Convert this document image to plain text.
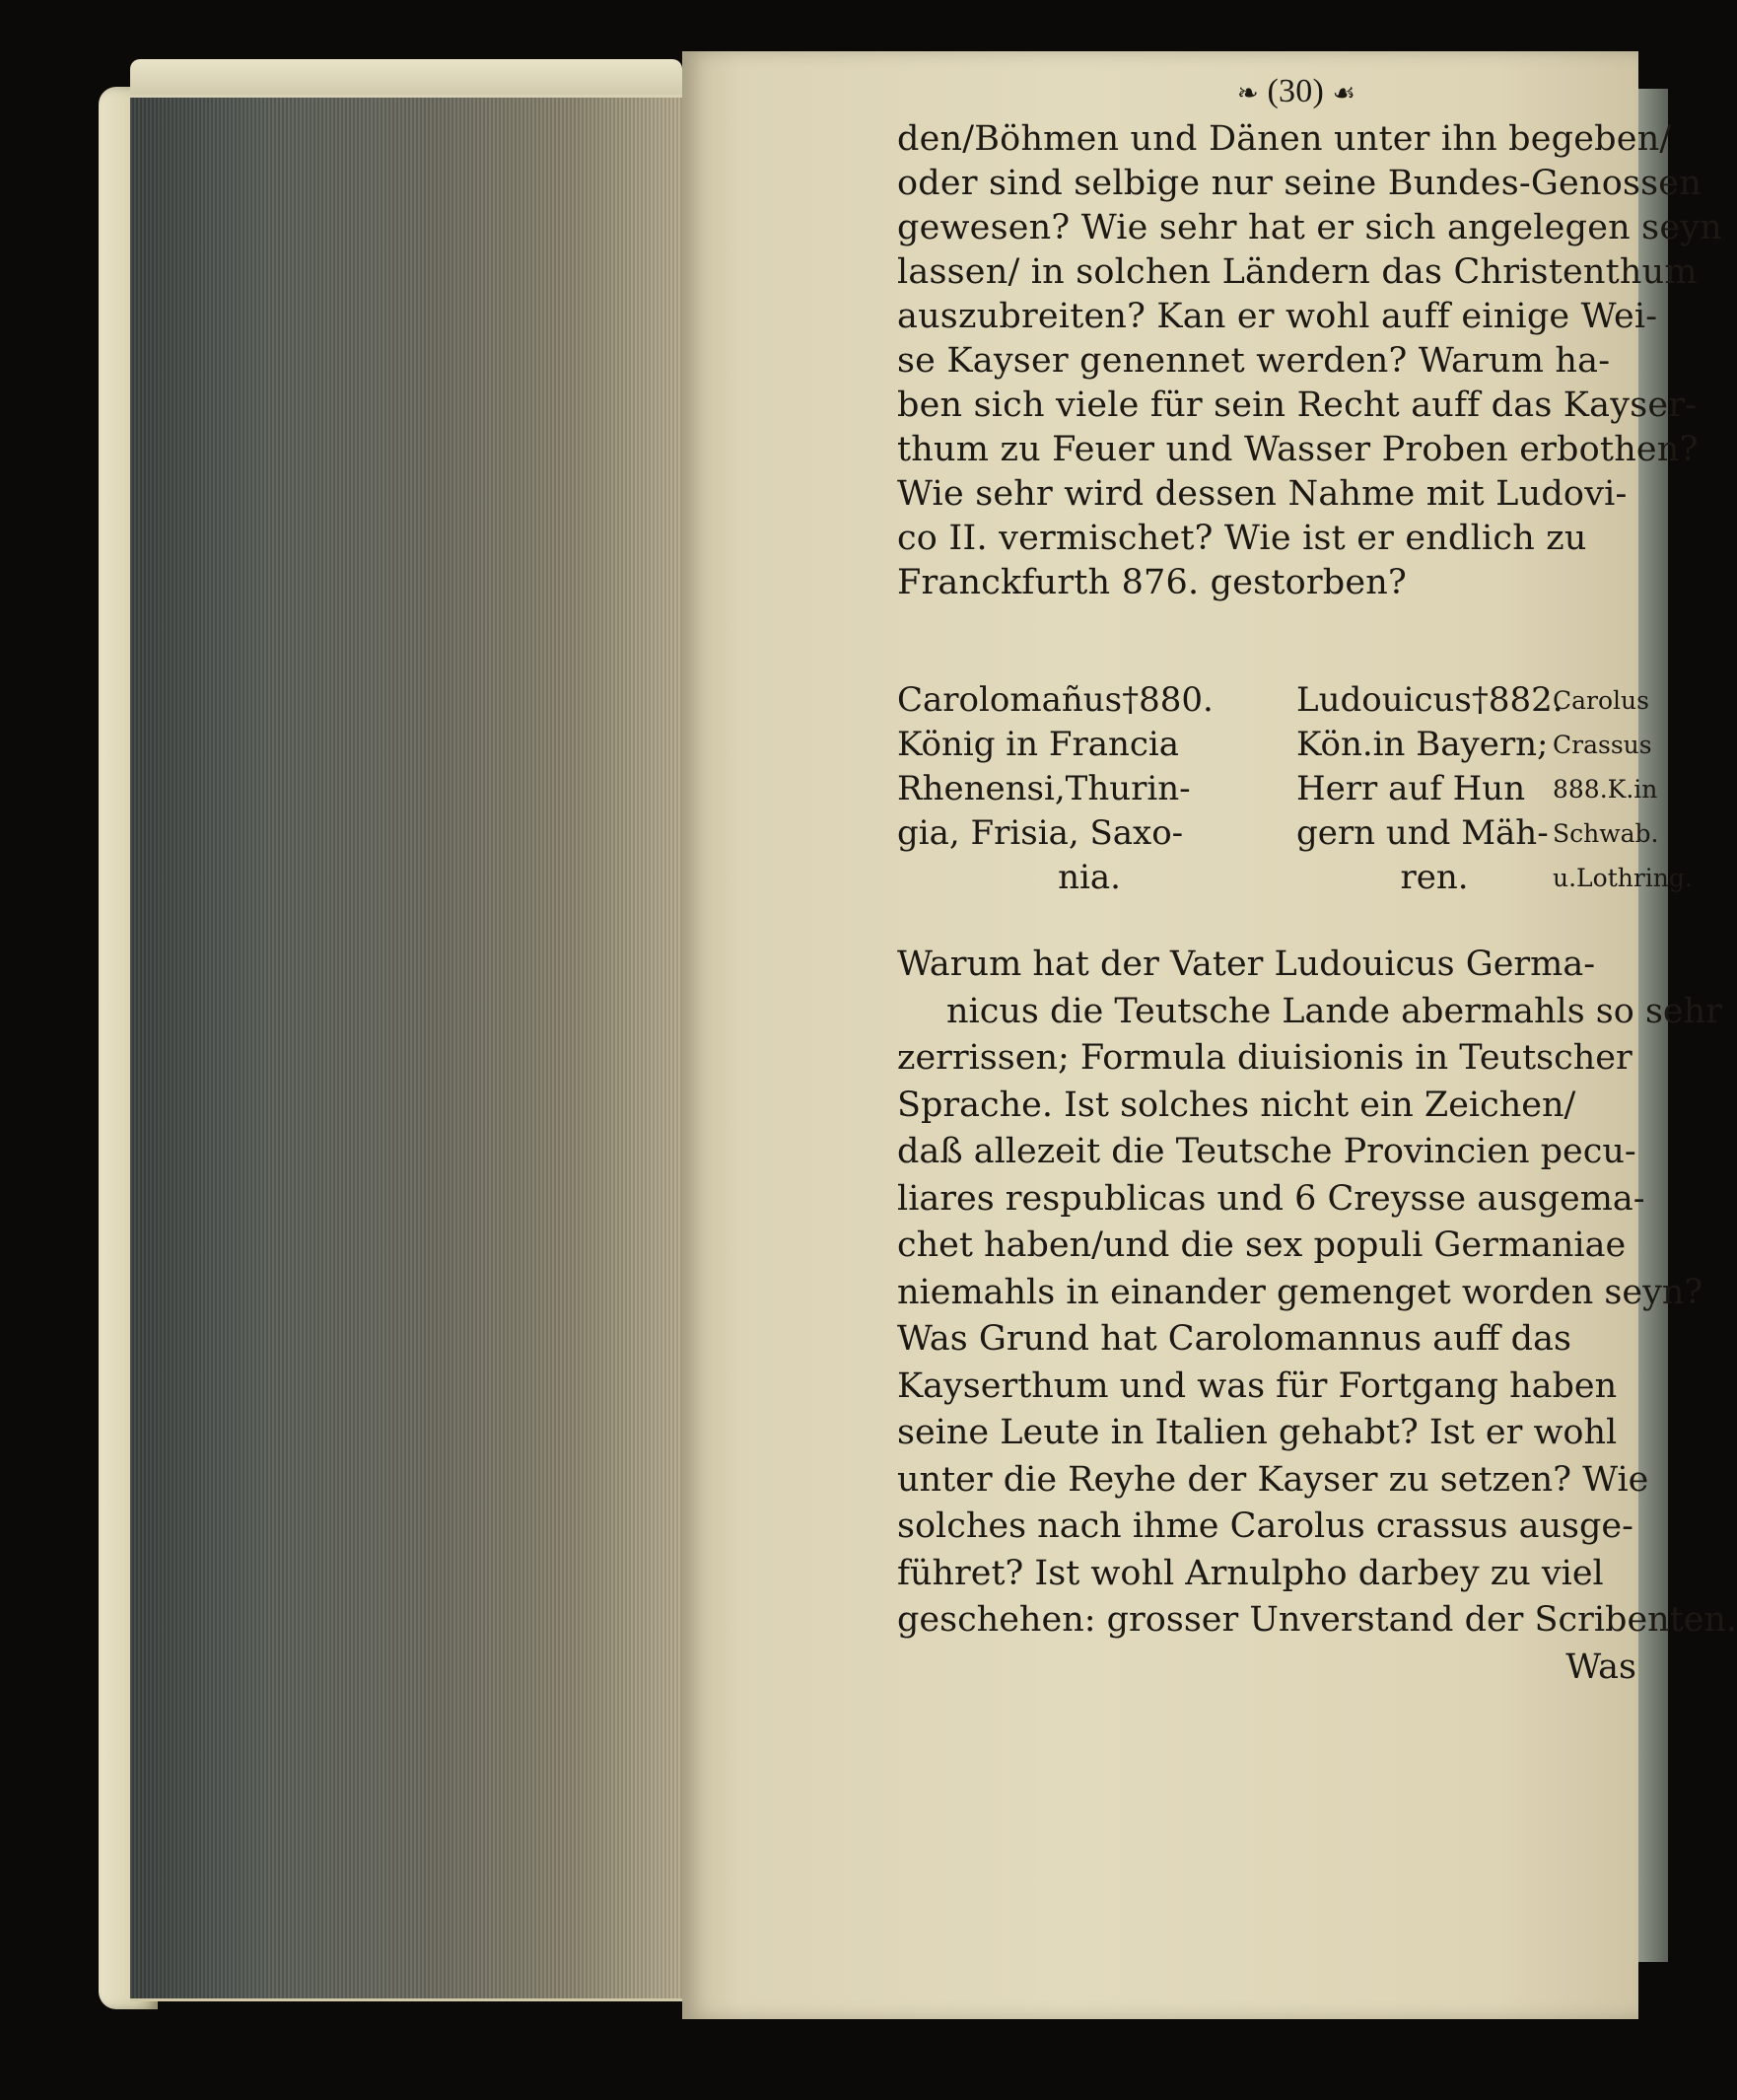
❧ (30) ☙
den/Böhmen und Dänen unter ihn begeben/
oder sind selbige nur seine Bundes-Genossen
gewesen? Wie sehr hat er sich angelegen seyn
lassen/ in solchen Ländern das Christenthum
auszubreiten? Kan er wohl auff einige Wei-
se Kayser genennet werden? Warum ha-
ben sich viele für sein Recht auff das Kayser-
thum zu Feuer und Wasser Proben erbothen?
Wie sehr wird dessen Nahme mit Ludovi-
co II. vermischet? Wie ist er endlich zu
Franckfurth 876. gestorben?
Carolomañus†880.
König in Francia
Rhenensi,Thurin-
gia, Frisia, Saxo-
nia.
Ludouicus†882.
Kön.in Bayern;
Herr auf Hun
gern und Mäh-
ren.
Carolus
Crassus
888.K.in
Schwab.
u.Lothring.
Warum hat der Vater Ludouicus Germa-
nicus die Teutsche Lande abermahls so sehr
zerrissen; Formula diuisionis in Teutscher
Sprache. Ist solches nicht ein Zeichen/
daß allezeit die Teutsche Provincien pecu-
liares respublicas und 6 Creysse ausgema-
chet haben/und die sex populi Germaniae
niemahls in einander gemenget worden seyn?
Was Grund hat Carolomannus auff das
Kayserthum und was für Fortgang haben
seine Leute in Italien gehabt? Ist er wohl
unter die Reyhe der Kayser zu setzen? Wie
solches nach ihme Carolus crassus ausge-
führet? Ist wohl Arnulpho darbey zu viel
geschehen: grosser Unverstand der Scribenten.
Was
